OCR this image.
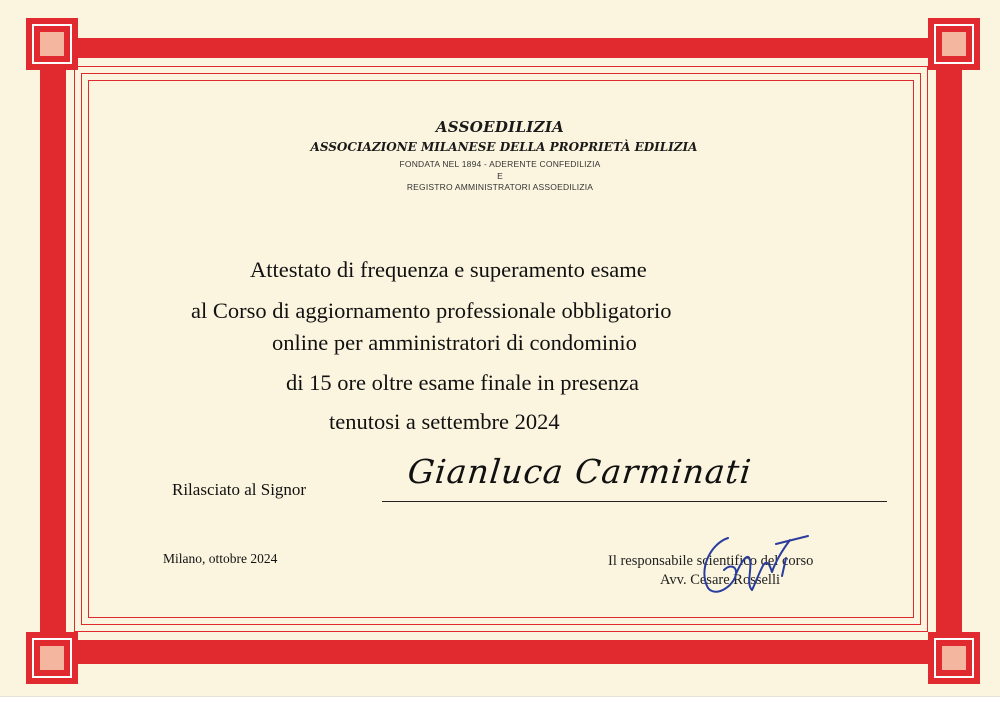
ASSOEDILIZIA
ASSOCIAZIONE MILANESE DELLA PROPRIETÀ EDILIZIA
FONDATA NEL 1894 - ADERENTE CONFEDILIZIA
E
REGISTRO AMMINISTRATORI ASSOEDILIZIA
Attestato di frequenza e superamento esame
al Corso di aggiornamento professionale obbligatorio
online per amministratori di condominio
di 15 ore oltre esame finale in presenza
tenutosi a settembre 2024
Rilasciato al Signor	Gianluca Carminati
Milano, ottobre 2024	Il responsabile scientifico del corso
Avv. Cesare Rosselli
